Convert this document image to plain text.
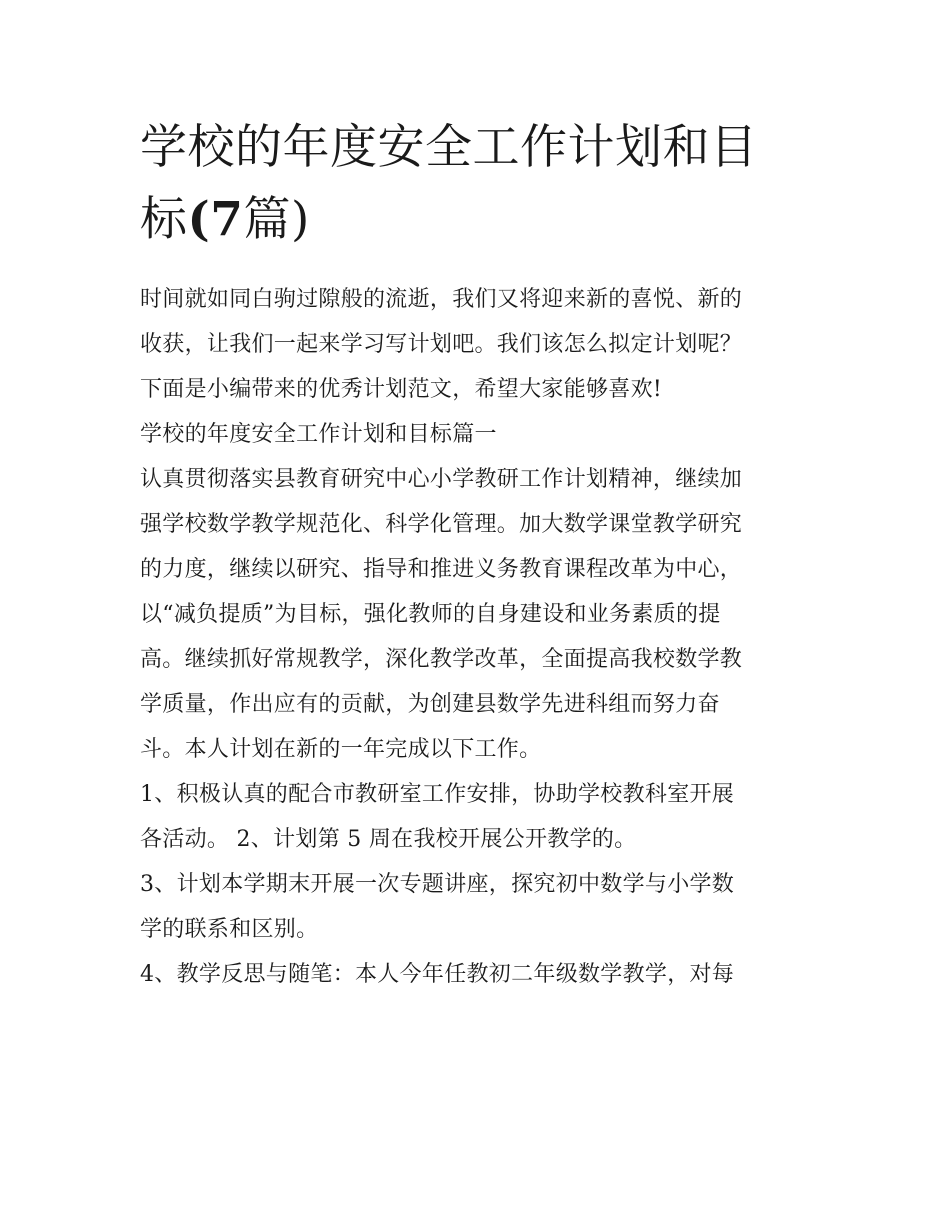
学校的年度安全工作计划和目
标(7篇)
时间就如同白驹过隙般的流逝，我们又将迎来新的喜悦、新的
收获，让我们一起来学习写计划吧。我们该怎么拟定计划呢？
下面是小编带来的优秀计划范文，希望大家能够喜欢!
学校的年度安全工作计划和目标篇一
认真贯彻落实县教育研究中心小学教研工作计划精神，继续加
强学校数学教学规范化、科学化管理。加大数学课堂教学研究
的力度，继续以研究、指导和推进义务教育课程改革为中心，
以“减负提质”为目标，强化教师的自身建设和业务素质的提
高。继续抓好常规教学，深化教学改革，全面提高我校数学教
学质量，作出应有的贡献，为创建县数学先进科组而努力奋
斗。本人计划在新的一年完成以下工作。
1、积极认真的配合市教研室工作安排，协助学校教科室开展
各活动。 2、计划第 5 周在我校开展公开教学的。
3、计划本学期末开展一次专题讲座，探究初中数学与小学数
学的联系和区别。
4、教学反思与随笔：本人今年任教初二年级数学教学，对每
